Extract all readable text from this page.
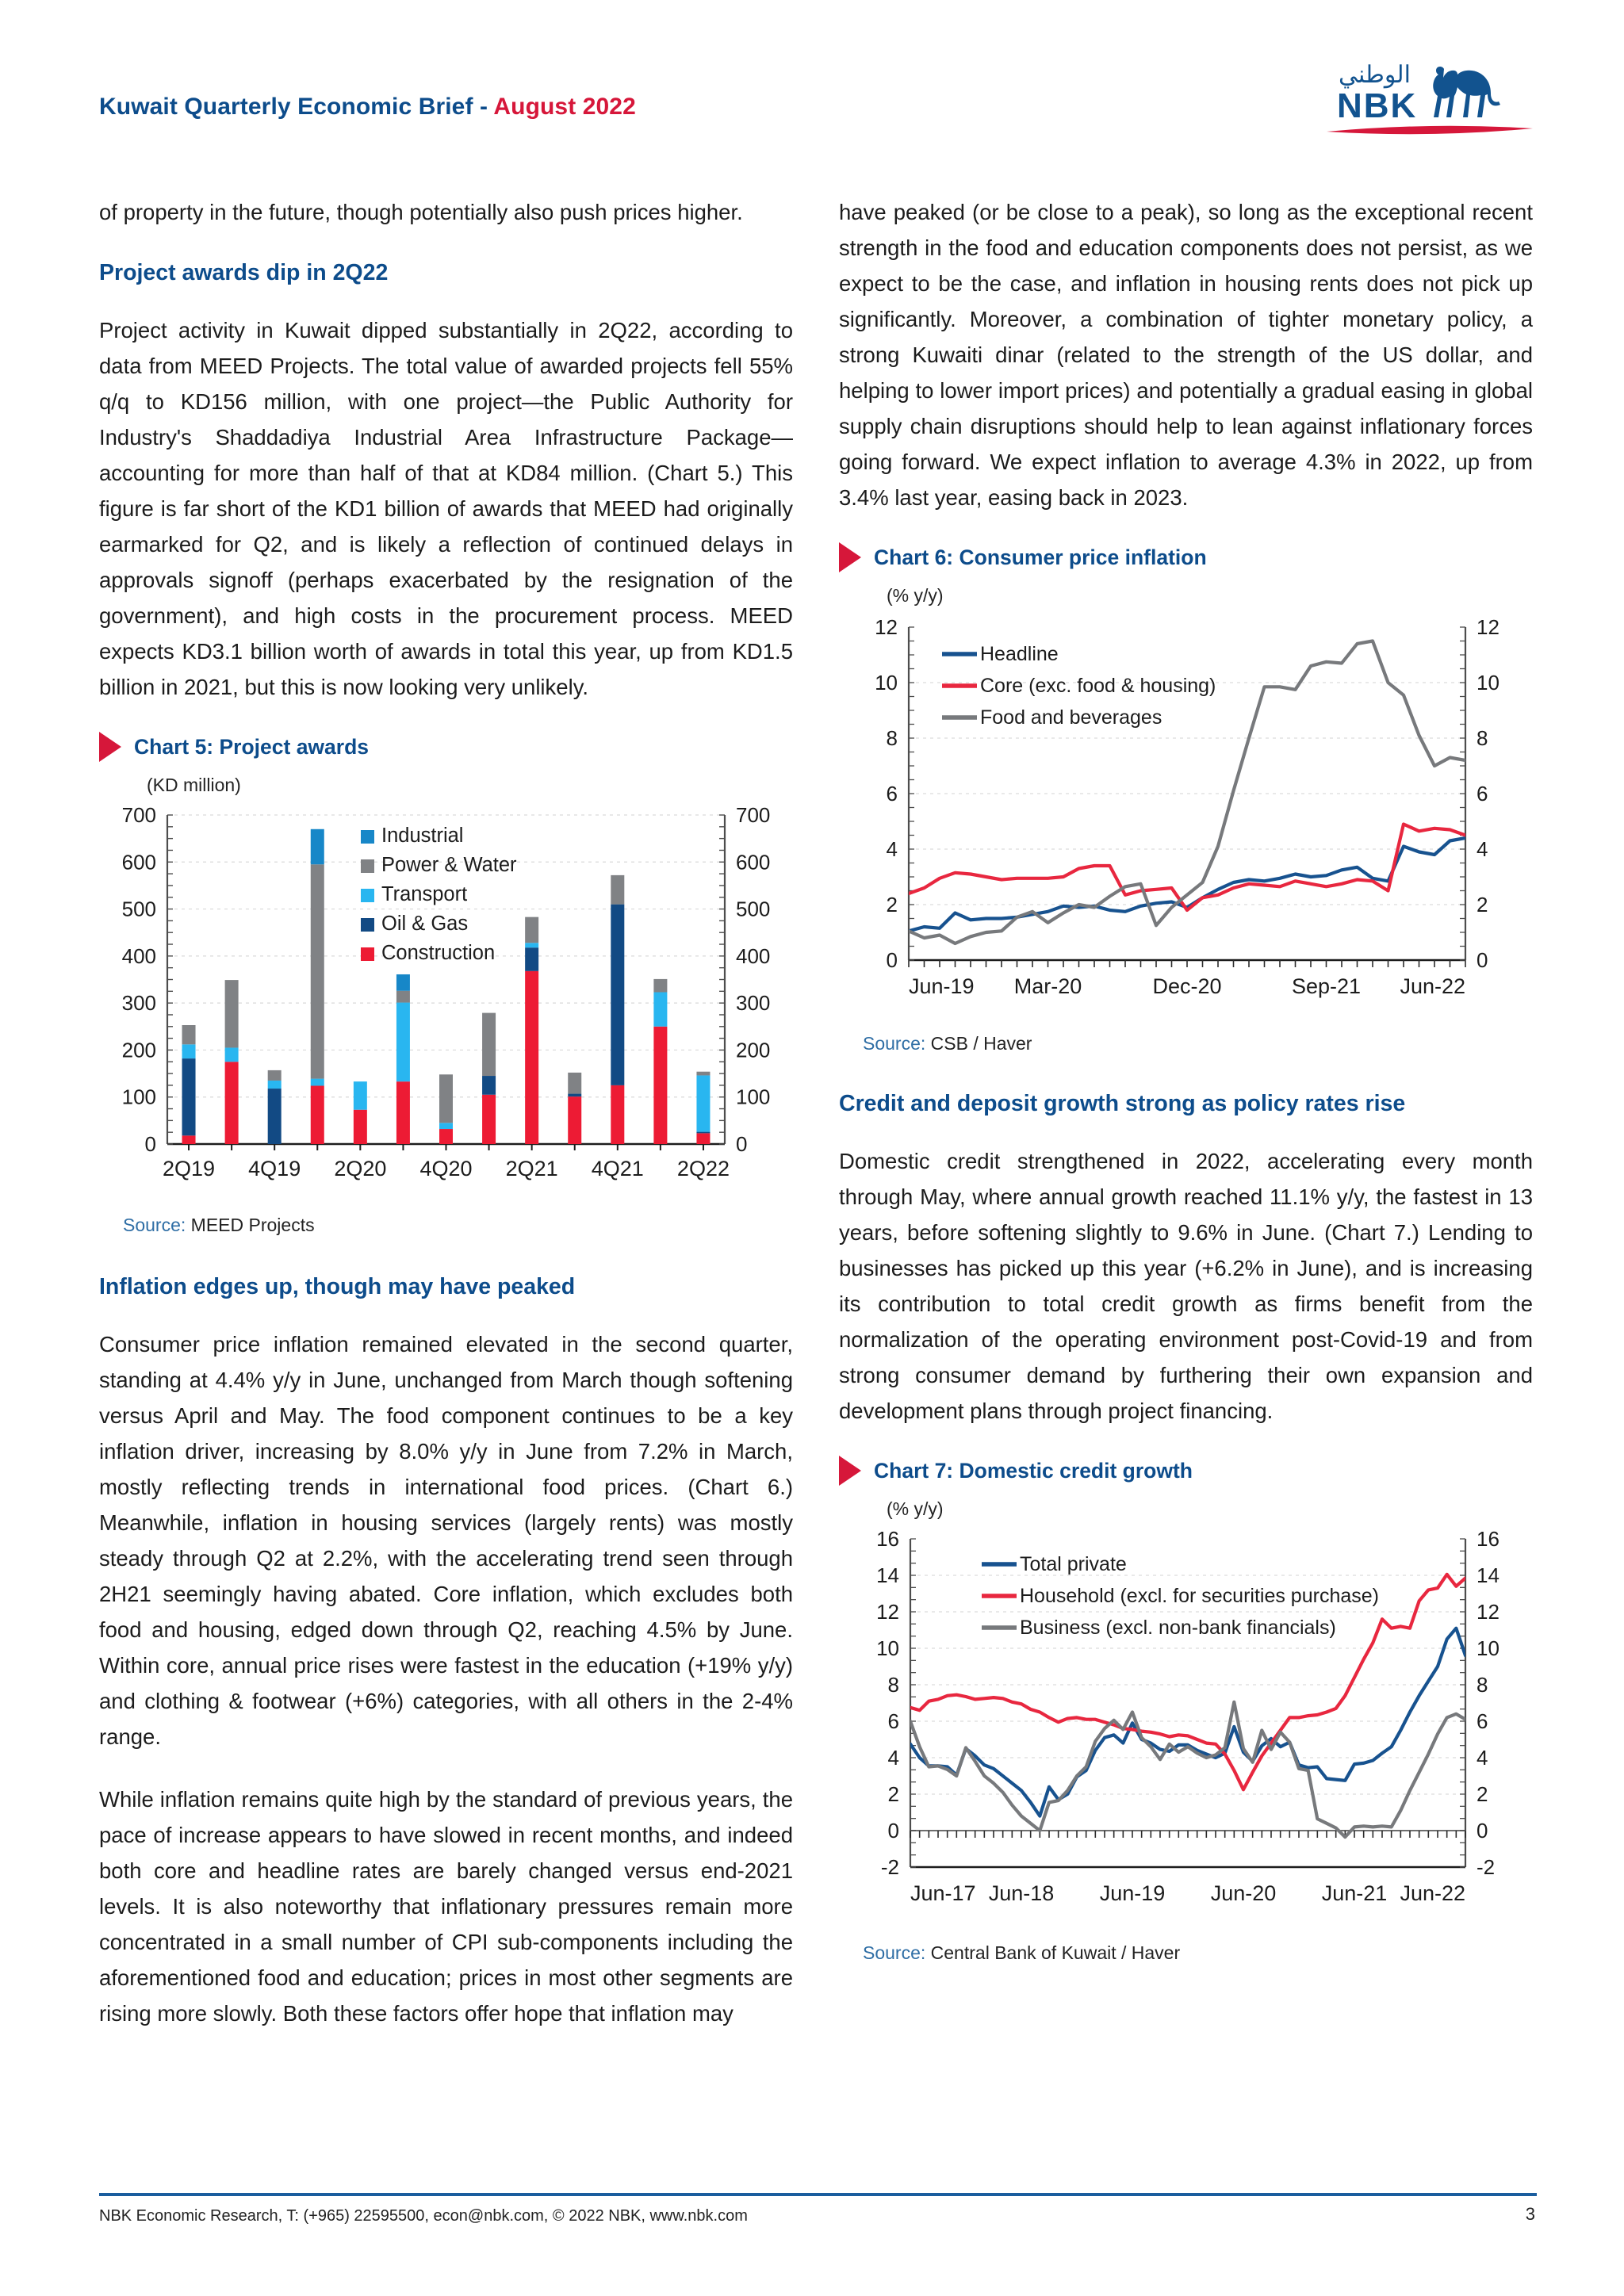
Kuwait Quarterly Economic Brief - August 2022
الوطني
NBK

of property in the future, though potentially also push prices higher.

Project awards dip in 2Q22

Project activity in Kuwait dipped substantially in 2Q22, according to data from MEED Projects. The total value of awarded projects fell 55% q/q to KD156 million, with one project—the Public Authority for Industry's Shaddadiya Industrial Area Infrastructure Package—accounting for more than half of that at KD84 million. (Chart 5.) This figure is far short of the KD1 billion of awards that MEED had originally earmarked for Q2, and is likely a reflection of continued delays in approvals signoff (perhaps exacerbated by the resignation of the government), and high costs in the procurement process. MEED expects KD3.1 billion worth of awards in total this year, up from KD1.5 billion in 2021, but this is now looking very unlikely.

Chart 5: Project awards
(KD million)
0	0
100	100
200	200
300	300
400	400
500	500
600	600
700	700
2Q19 4Q19 2Q20 4Q20 2Q21 4Q21 2Q22
Industrial
Power & Water
Transport
Oil & Gas
Construction
Source: MEED Projects
Inflation edges up, though may have peaked

Consumer price inflation remained elevated in the second quarter, standing at 4.4% y/y in June, unchanged from March though softening versus April and May. The food component continues to be a key inflation driver, increasing by 8.0% y/y in June from 7.2% in March, mostly reflecting trends in international food prices. (Chart 6.) Meanwhile, inflation in housing services (largely rents) was mostly steady through Q2 at 2.2%, with the accelerating trend seen through 2H21 seemingly having abated. Core inflation, which excludes both food and housing, edged down through Q2, reaching 4.5% by June. Within core, annual price rises were fastest in the education (+19% y/y) and clothing & footwear (+6%) categories, with all others in the 2-4% range.

While inflation remains quite high by the standard of previous years, the pace of increase appears to have slowed in recent months, and indeed both core and headline rates are barely changed versus end-2021 levels. It is also noteworthy that inflationary pressures remain more concentrated in a small number of CPI sub-components including the aforementioned food and education; prices in most other segments are rising more slowly. Both these factors offer hope that inflation may

have peaked (or be close to a peak), so long as the exceptional recent strength in the food and education components does not persist, as we expect to be the case, and inflation in housing rents does not pick up significantly. Moreover, a combination of tighter monetary policy, a strong Kuwaiti dinar (related to the strength of the US dollar, and helping to lower import prices) and potentially a gradual easing in global supply chain disruptions should help to lean against inflationary forces going forward. We expect inflation to average 4.3% in 2022, up from 3.4% last year, easing back in 2023.

Chart 6: Consumer price inflation
(% y/y)
0	0
2	2
4	4
6	6
8	8
10	10
12	12
Jun-19 Mar-20	Dec-20	Sep-21 Jun-22
Headline
Core (exc. food & housing)
Food and beverages
Source: CSB / Haver
Credit and deposit growth strong as policy rates rise

Domestic credit strengthened in 2022, accelerating every month through May, where annual growth reached 11.1% y/y, the fastest in 13 years, before softening slightly to 9.6% in June. (Chart 7.) Lending to businesses has picked up this year (+6.2% in June), and is increasing its contribution to total credit growth as firms benefit from the normalization of the operating environment post-Covid-19 and from strong consumer demand by furthering their own expansion and development plans through project financing.

Chart 7: Domestic credit growth
(% y/y)
-2	-2
0	0
2	2
4	4
6	6
8	8
10	10
12	12
14	14
16	16
Jun-17 Jun-18 Jun-19 Jun-20 Jun-21 Jun-22
Total private
Household (excl. for securities purchase)
Business (excl. non-bank financials)
Source: Central Bank of Kuwait / Haver
NBK Economic Research, T: (+965) 22595500, econ@nbk.com, © 2022 NBK, www.nbk.com	3
